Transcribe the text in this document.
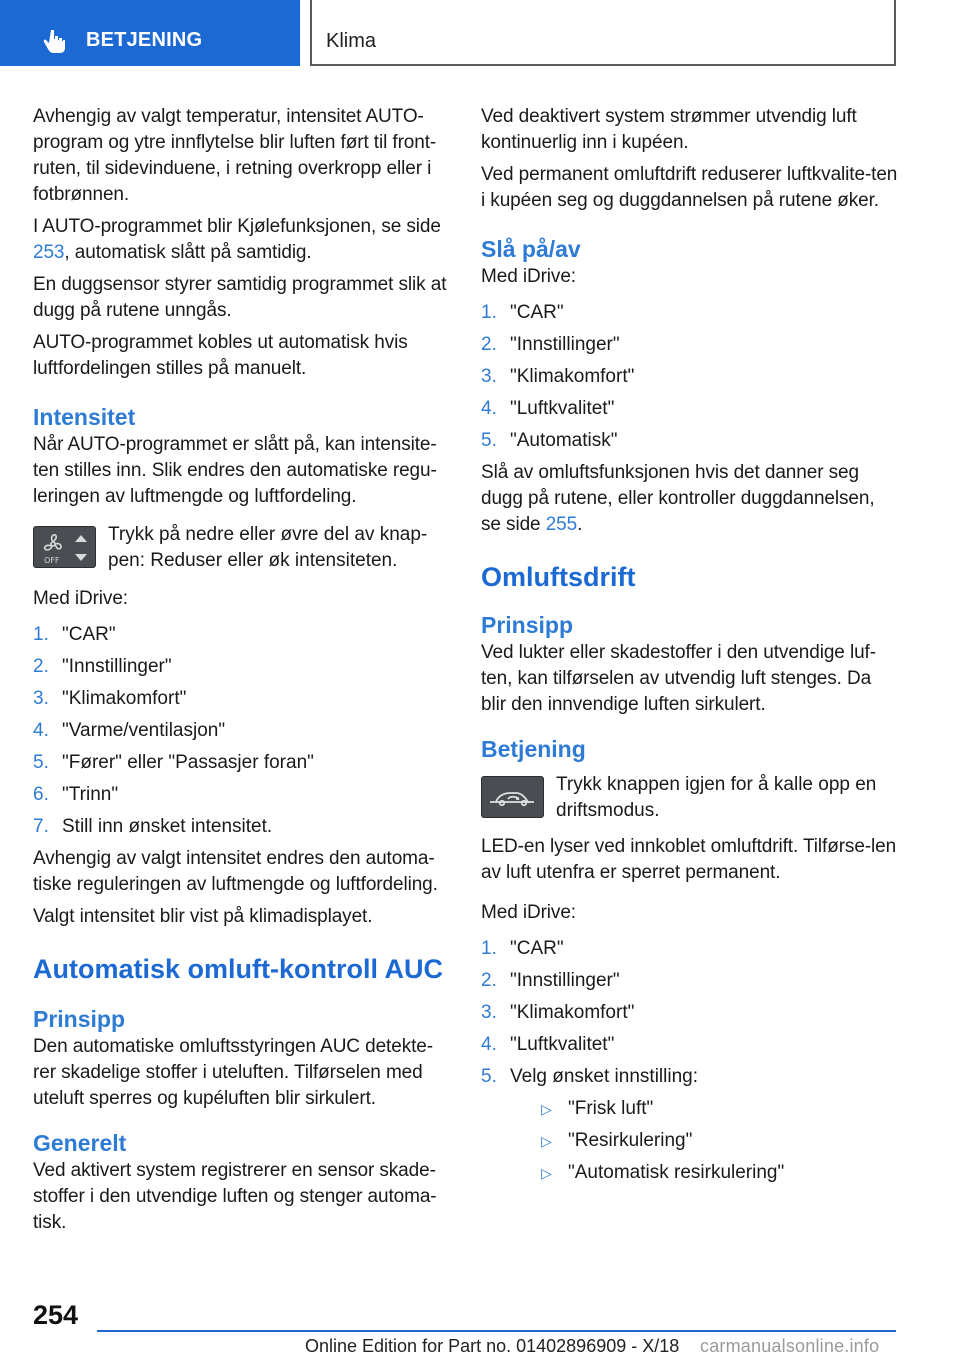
BETJENING	Klima

Avhengig av valgt temperatur, intensitet AUTO-program og ytre innflytelse blir luften ført til front-ruten, til sidevinduene, i retning overkropp eller i fotbrønnen.

I AUTO-programmet blir Kjølefunksjonen, se side 253, automatisk slått på samtidig.

En duggsensor styrer samtidig programmet slik at dugg på rutene unngås.

AUTO-programmet kobles ut automatisk hvis luftfordelingen stilles på manuelt.

Intensitet

Når AUTO-programmet er slått på, kan intensite-ten stilles inn. Slik endres den automatiske regu-leringen av luftmengde og luftfordeling.

OFF

Trykk på nedre eller øvre del av knap-pen: Reduser eller øk intensiteten.

Med iDrive:

1. "CAR"
2. "Innstillinger"
3. "Klimakomfort"
4. "Varme/ventilasjon"
5. "Fører" eller "Passasjer foran"
6. "Trinn"
7. Still inn ønsket intensitet.

Avhengig av valgt intensitet endres den automa-tiske reguleringen av luftmengde og luftfordeling.

Valgt intensitet blir vist på klimadisplayet.

Automatisk omluft-kontroll AUC
Prinsipp

Den automatiske omluftsstyringen AUC detekte-rer skadelige stoffer i uteluften. Tilførselen med uteluft sperres og kupéluften blir sirkulert.

Generelt

Ved aktivert system registrerer en sensor skade-stoffer i den utvendige luften og stenger automa-tisk.

Ved deaktivert system strømmer utvendig luft kontinuerlig inn i kupéen.

Ved permanent omluftdrift reduserer luftkvalite-ten i kupéen seg og duggdannelsen på rutene øker.

Slå på/av

Med iDrive:

1. "CAR"
2. "Innstillinger"
3. "Klimakomfort"
4. "Luftkvalitet"
5. "Automatisk"

Slå av omluftsfunksjonen hvis det danner seg dugg på rutene, eller kontroller duggdannelsen, se side 255.

Omluftsdrift
Prinsipp

Ved lukter eller skadestoffer i den utvendige luf-ten, kan tilførselen av utvendig luft stenges. Da blir den innvendige luften sirkulert.

Betjening

Trykk knappen igjen for å kalle opp en driftsmodus.

LED-en lyser ved innkoblet omluftdrift. Tilførse-len av luft utenfra er sperret permanent.

Med iDrive:

1. "CAR"
2. "Innstillinger"
3. "Klimakomfort"
4. "Luftkvalitet"
5. Velg ønsket innstilling:
▷ "Frisk luft"
▷ "Resirkulering"
▷ "Automatisk resirkulering"
254
Online Edition for Part no. 01402896909 - X/18 carmanualsonline.info
